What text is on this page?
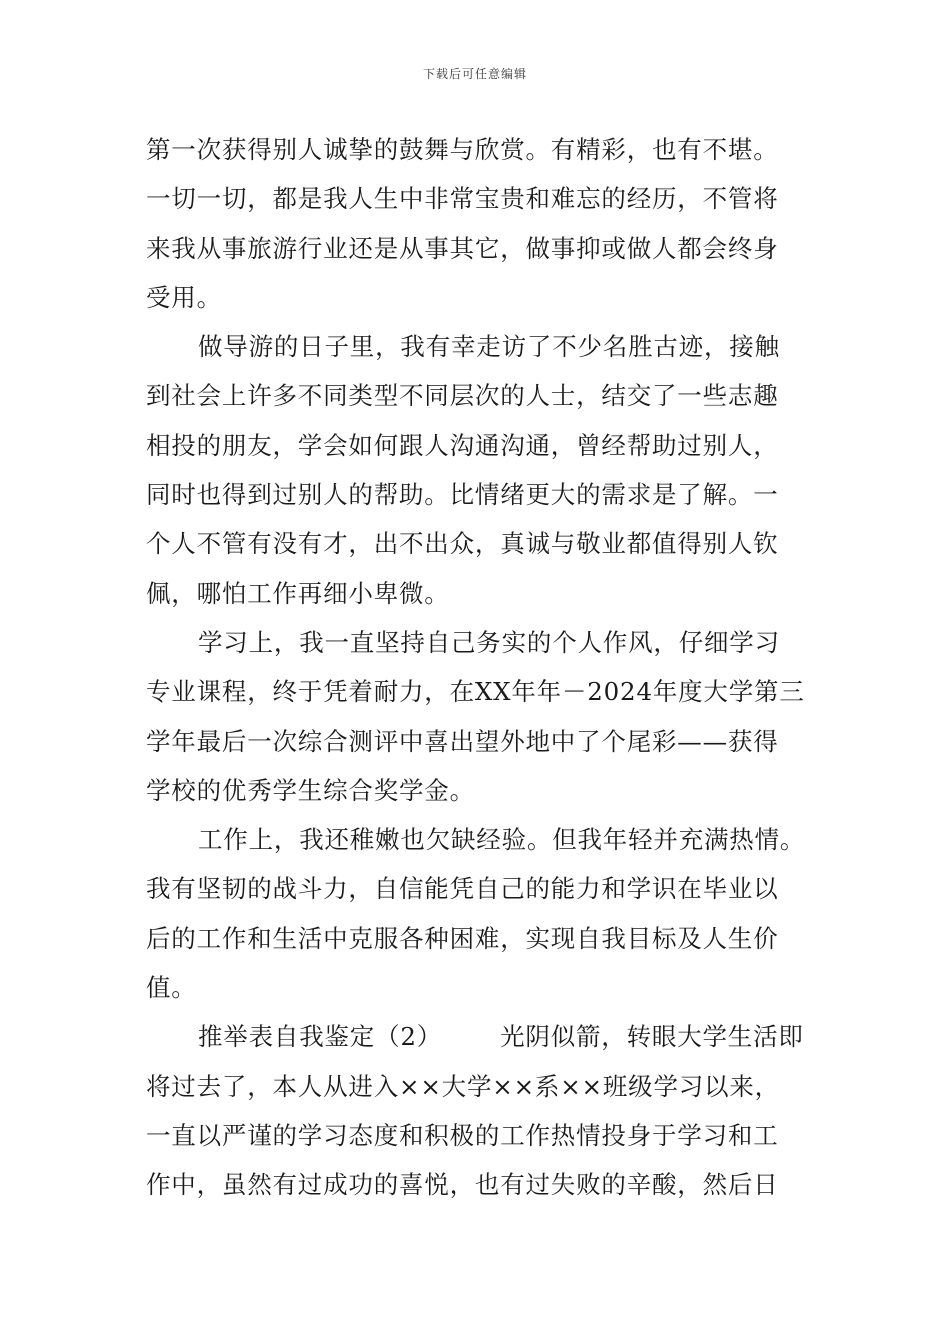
下载后可任意编辑
第一次获得别人诚挚的鼓舞与欣赏。有精彩，也有不堪。
一切一切，都是我人生中非常宝贵和难忘的经历，不管将
来我从事旅游行业还是从事其它，做事抑或做人都会终身
受用。
做导游的日子里，我有幸走访了不少名胜古迹，接触
到社会上许多不同类型不同层次的人士，结交了一些志趣
相投的朋友，学会如何跟人沟通沟通，曾经帮助过别人，
同时也得到过别人的帮助。比情绪更大的需求是了解。一
个人不管有没有才，出不出众，真诚与敬业都值得别人钦
佩，哪怕工作再细小卑微。
学习上，我一直坚持自己务实的个人作风，仔细学习
专业课程，终于凭着耐力，在XX年年－2024年度大学第三
学年最后一次综合测评中喜出望外地中了个尾彩——获得
学校的优秀学生综合奖学金。
工作上，我还稚嫩也欠缺经验。但我年轻并充满热情。
我有坚韧的战斗力，自信能凭自己的能力和学识在毕业以
后的工作和生活中克服各种困难，实现自我目标及人生价
值。
推举表自我鉴定（2） 光阴似箭，转眼大学生活即
将过去了，本人从进入××大学××系××班级学习以来，
一直以严谨的学习态度和积极的工作热情投身于学习和工
作中，虽然有过成功的喜悦，也有过失败的辛酸，然后日
